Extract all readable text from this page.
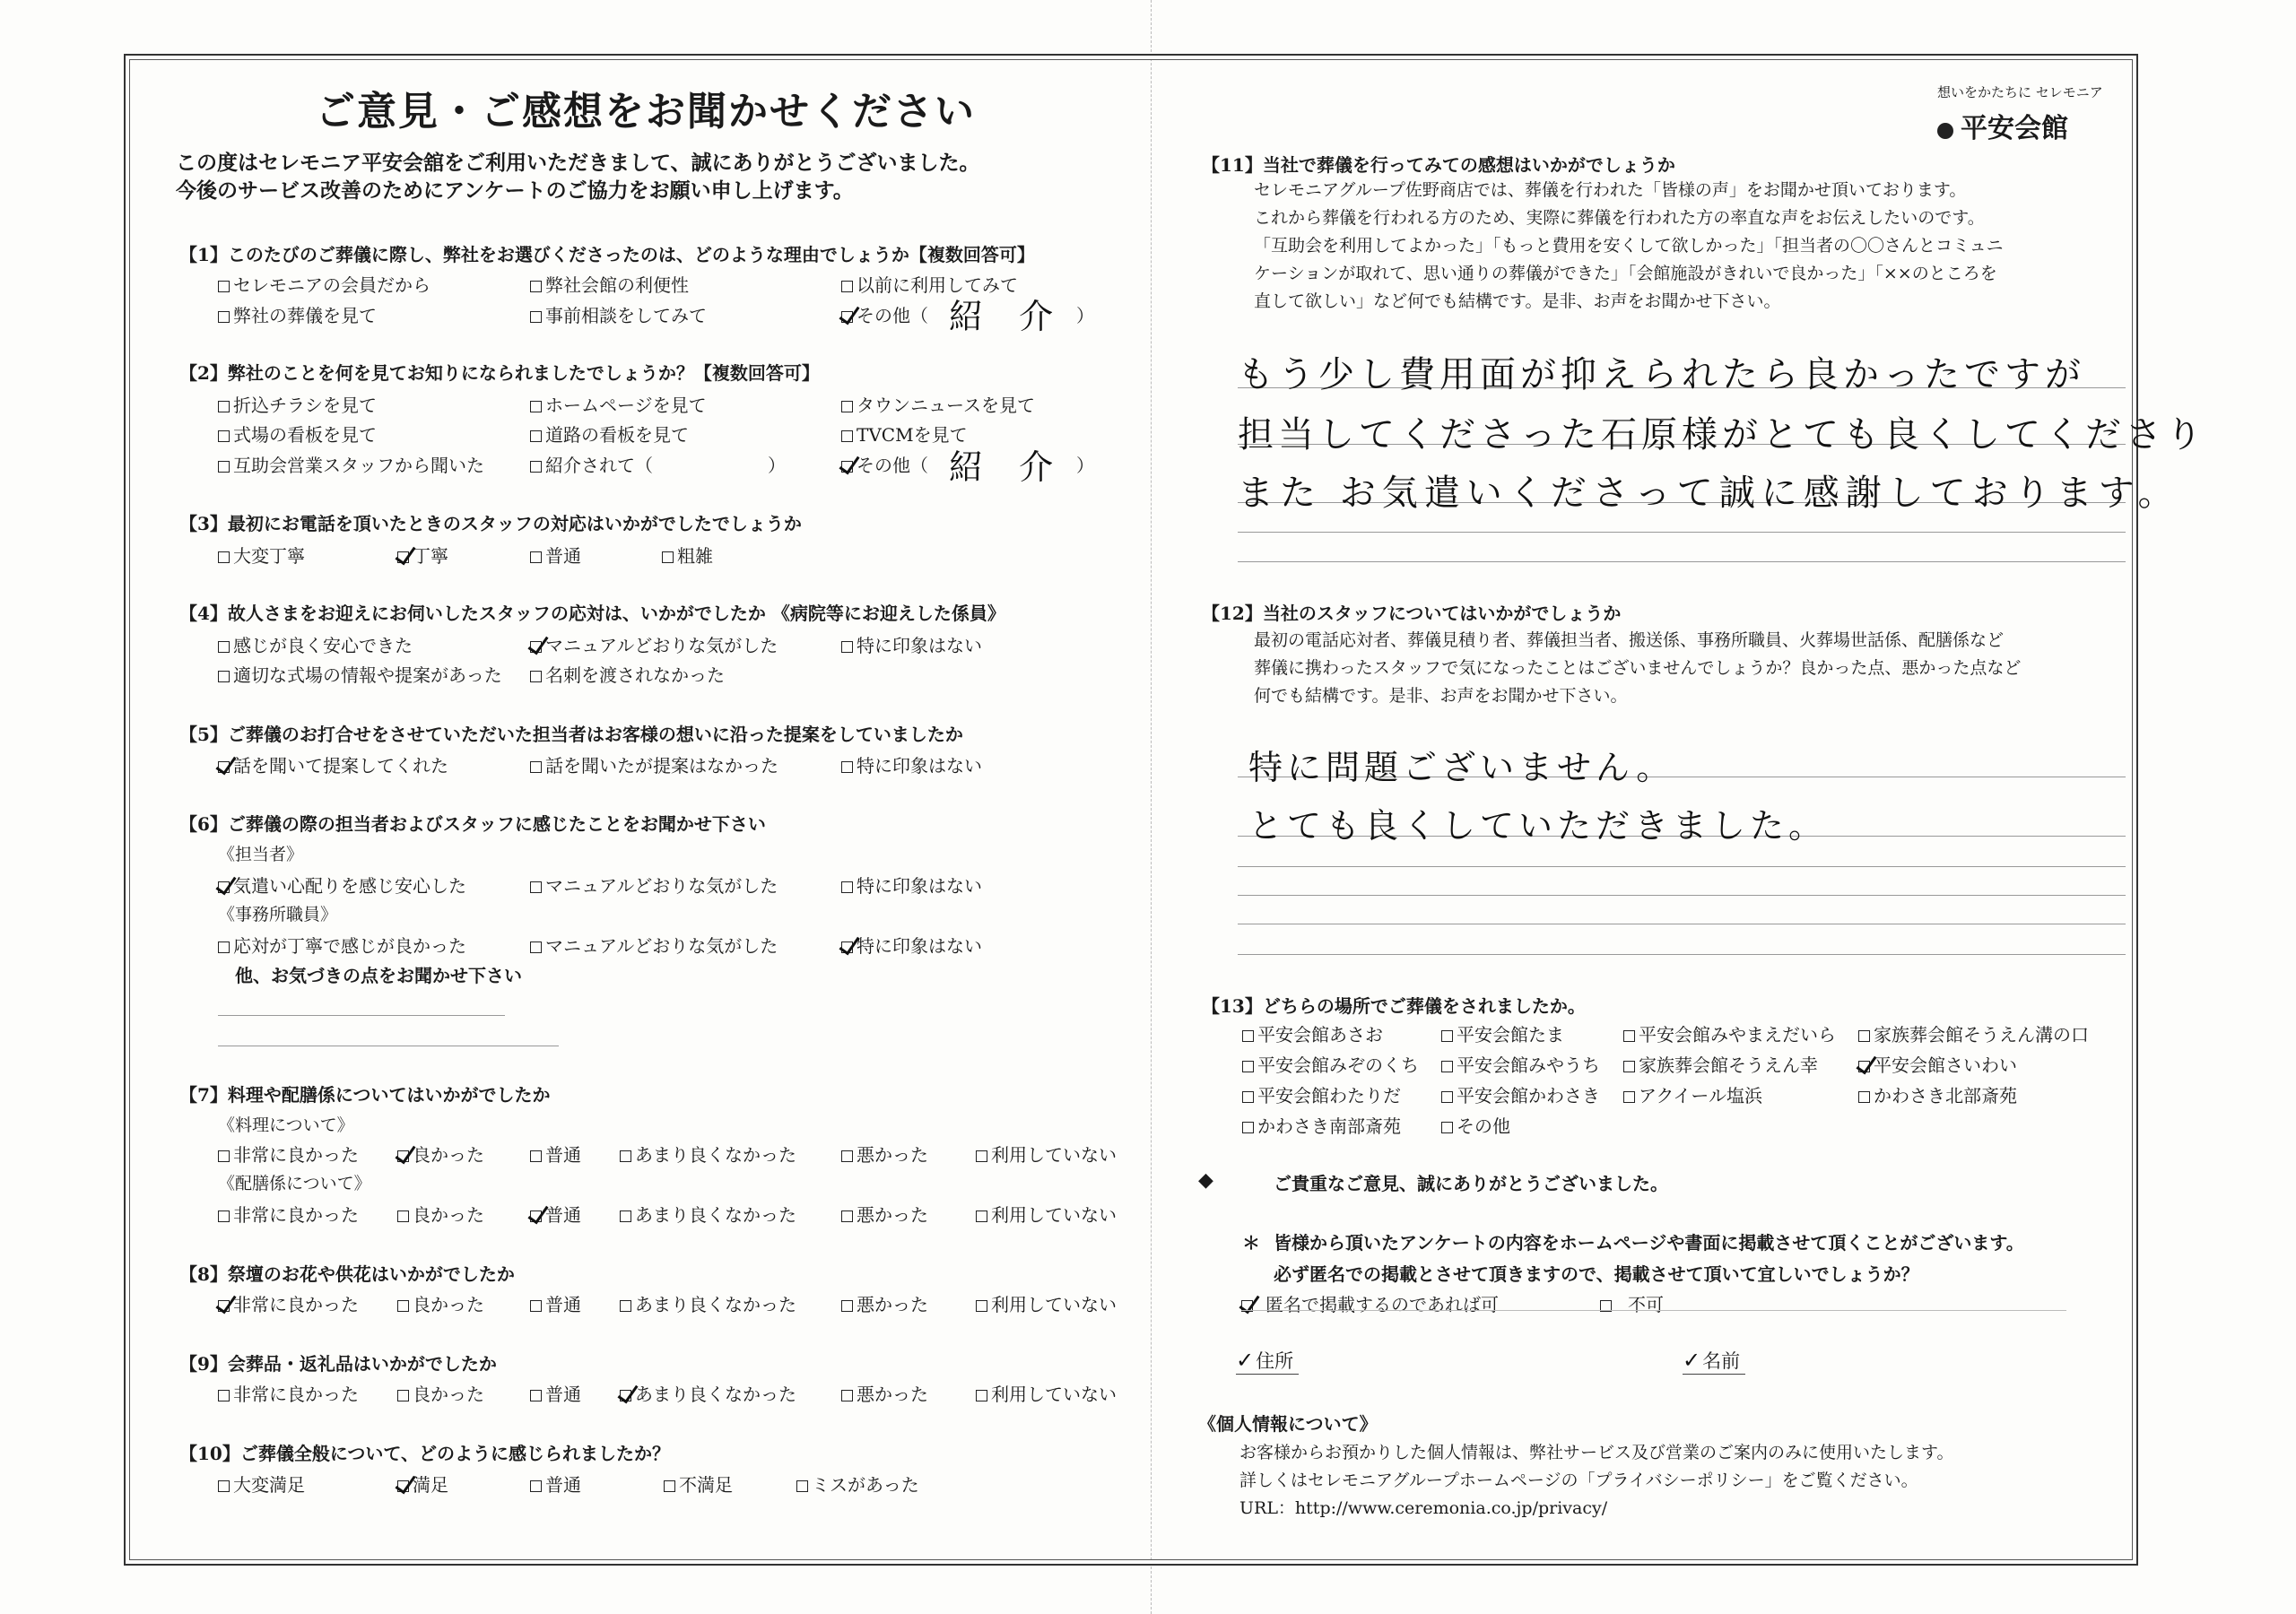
ご意見・ご感想をお聞かせください
この度はセレモニア平安会舘をご利用いただきまして、誠にありがとうございました。
今後のサービス改善のためにアンケートのご協力をお願い申し上げます。
【1】このたびのご葬儀に際し、弊社をお選びくださったのは、どのような理由でしょうか【複数回答可】
セレモニアの会員だから	弊社会館の利便性	以前に利用してみて
弊社の葬儀を見て	事前相談をしてみて	その他（ 紹 介 ）
【2】弊社のことを何を見てお知りになられましたでしょうか？【複数回答可】
折込チラシを見て	ホームページを見て	タウンニュースを見て
式場の看板を見て	道路の看板を見て	TVCMを見て
互助会営業スタッフから聞いた	紹介されて（	）	その他（ 紹 介 ）
【3】最初にお電話を頂いたときのスタッフの対応はいかがでしたでしょうか
大変丁寧	丁寧	普通	粗雑
【4】故人さまをお迎えにお伺いしたスタッフの応対は、いかがでしたか 《病院等にお迎えした係員》
感じが良く安心できた	マニュアルどおりな気がした	特に印象はない
適切な式場の情報や提案があった	名刺を渡されなかった
【5】ご葬儀のお打合せをさせていただいた担当者はお客様の想いに沿った提案をしていましたか
話を聞いて提案してくれた	話を聞いたが提案はなかった	特に印象はない
【6】ご葬儀の際の担当者およびスタッフに感じたことをお聞かせ下さい
《担当者》
気遣い心配りを感じ安心した	マニュアルどおりな気がした	特に印象はない
《事務所職員》
応対が丁寧で感じが良かった	マニュアルどおりな気がした	特に印象はない
他、お気づきの点をお聞かせ下さい
【7】料理や配膳係についてはいかがでしたか
《料理について》
非常に良かった	良かった	普通	あまり良くなかった	悪かった	利用していない
《配膳係について》
非常に良かった	良かった	普通	あまり良くなかった	悪かった	利用していない
【8】祭壇のお花や供花はいかがでしたか
非常に良かった	良かった	普通	あまり良くなかった	悪かった	利用していない
【9】会葬品・返礼品はいかがでしたか
非常に良かった	良かった	普通	あまり良くなかった	悪かった	利用していない
【10】ご葬儀全般について、どのように感じられましたか？
大変満足	満足	普通	不満足	ミスがあった
想いをかたちに セレモニア
平安会館
【11】当社で葬儀を行ってみての感想はいかがでしょうか
セレモニアグループ佐野商店では、葬儀を行われた「皆様の声」をお聞かせ頂いております。
これから葬儀を行われる方のため、実際に葬儀を行われた方の率直な声をお伝えしたいのです。
「互助会を利用してよかった」「もっと費用を安くして欲しかった」「担当者の〇〇さんとコミュニ
ケーションが取れて、思い通りの葬儀ができた」「会館施設がきれいで良かった」「××のところを
直して欲しい」など何でも結構です。是非、お声をお聞かせ下さい。
もう少し費用面が抑えられたら良かったですが
担当してくださった石原様がとても良くしてくださり
また お気遣いくださって誠に感謝しております。
【12】当社のスタッフについてはいかがでしょうか
最初の電話応対者、葬儀見積り者、葬儀担当者、搬送係、事務所職員、火葬場世話係、配膳係など
葬儀に携わったスタッフで気になったことはございませんでしょうか？良かった点、悪かった点など
何でも結構です。是非、お声をお聞かせ下さい。
特に問題ございません。
とても良くしていただきました。
【13】どちらの場所でご葬儀をされましたか。
平安会館あさお	平安会館たま	平安会館みやまえだいら	家族葬会館そうえん溝の口
平安会館みぞのくち	平安会館みやうち	家族葬会館そうえん幸	平安会館さいわい
平安会館わたりだ	平安会館かわさき	アクイール塩浜	かわさき北部斎苑
かわさき南部斎苑	その他
◆	ご貴重なご意見、誠にありがとうございました。
＊ 皆様から頂いたアンケートの内容をホームページや書面に掲載させて頂くことがございます。
必ず匿名での掲載とさせて頂きますので、掲載させて頂いて宜しいでしょうか？
匿名で掲載するのであれば可	不可
✓住所	✓名前
《個人情報について》
お客様からお預かりした個人情報は、弊社サービス及び営業のご案内のみに使用いたします。
詳しくはセレモニアグループホームページの「プライバシーポリシー」をご覧ください。
URL：http://www.ceremonia.co.jp/privacy/
